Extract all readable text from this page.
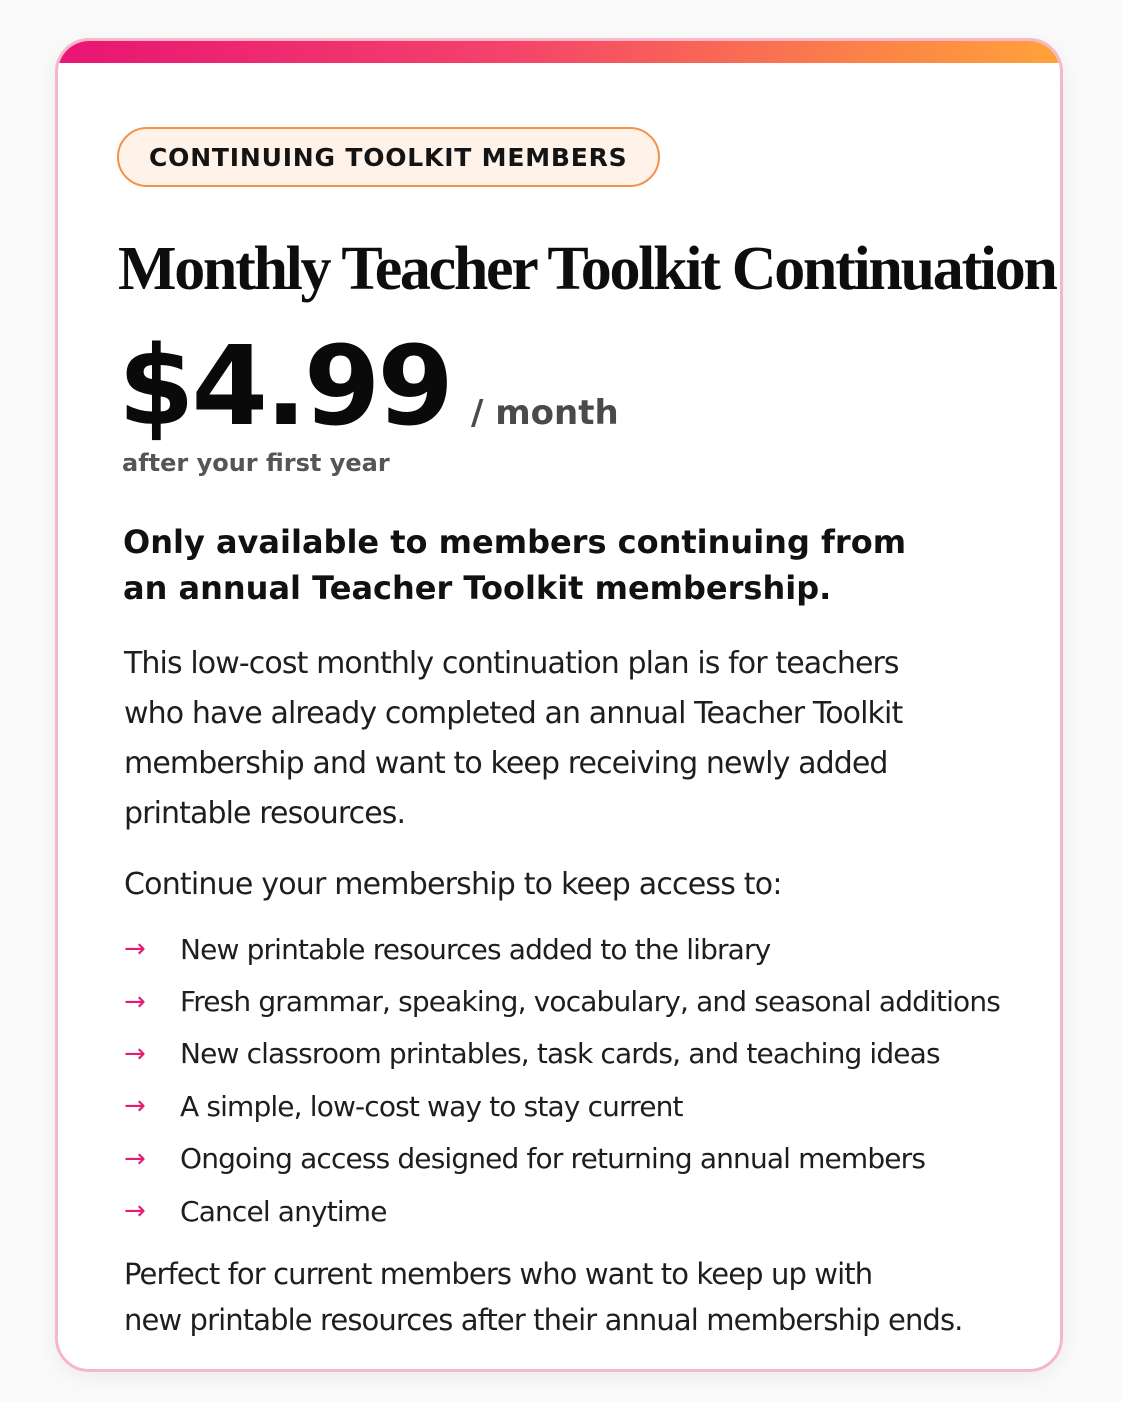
CONTINUING TOOLKIT MEMBERS
Monthly Teacher Toolkit Continuation
$4.99 / month
after your first year
Only available to members continuing from
an annual Teacher Toolkit membership.
This low-cost monthly continuation plan is for teachers
who have already completed an annual Teacher Toolkit
membership and want to keep receiving newly added
printable resources.
Continue your membership to keep access to:
→	New printable resources added to the library
→	Fresh grammar, speaking, vocabulary, and seasonal additions
→	New classroom printables, task cards, and teaching ideas
→	A simple, low-cost way to stay current
→	Ongoing access designed for returning annual members
→	Cancel anytime
Perfect for current members who want to keep up with
new printable resources after their annual membership ends.
